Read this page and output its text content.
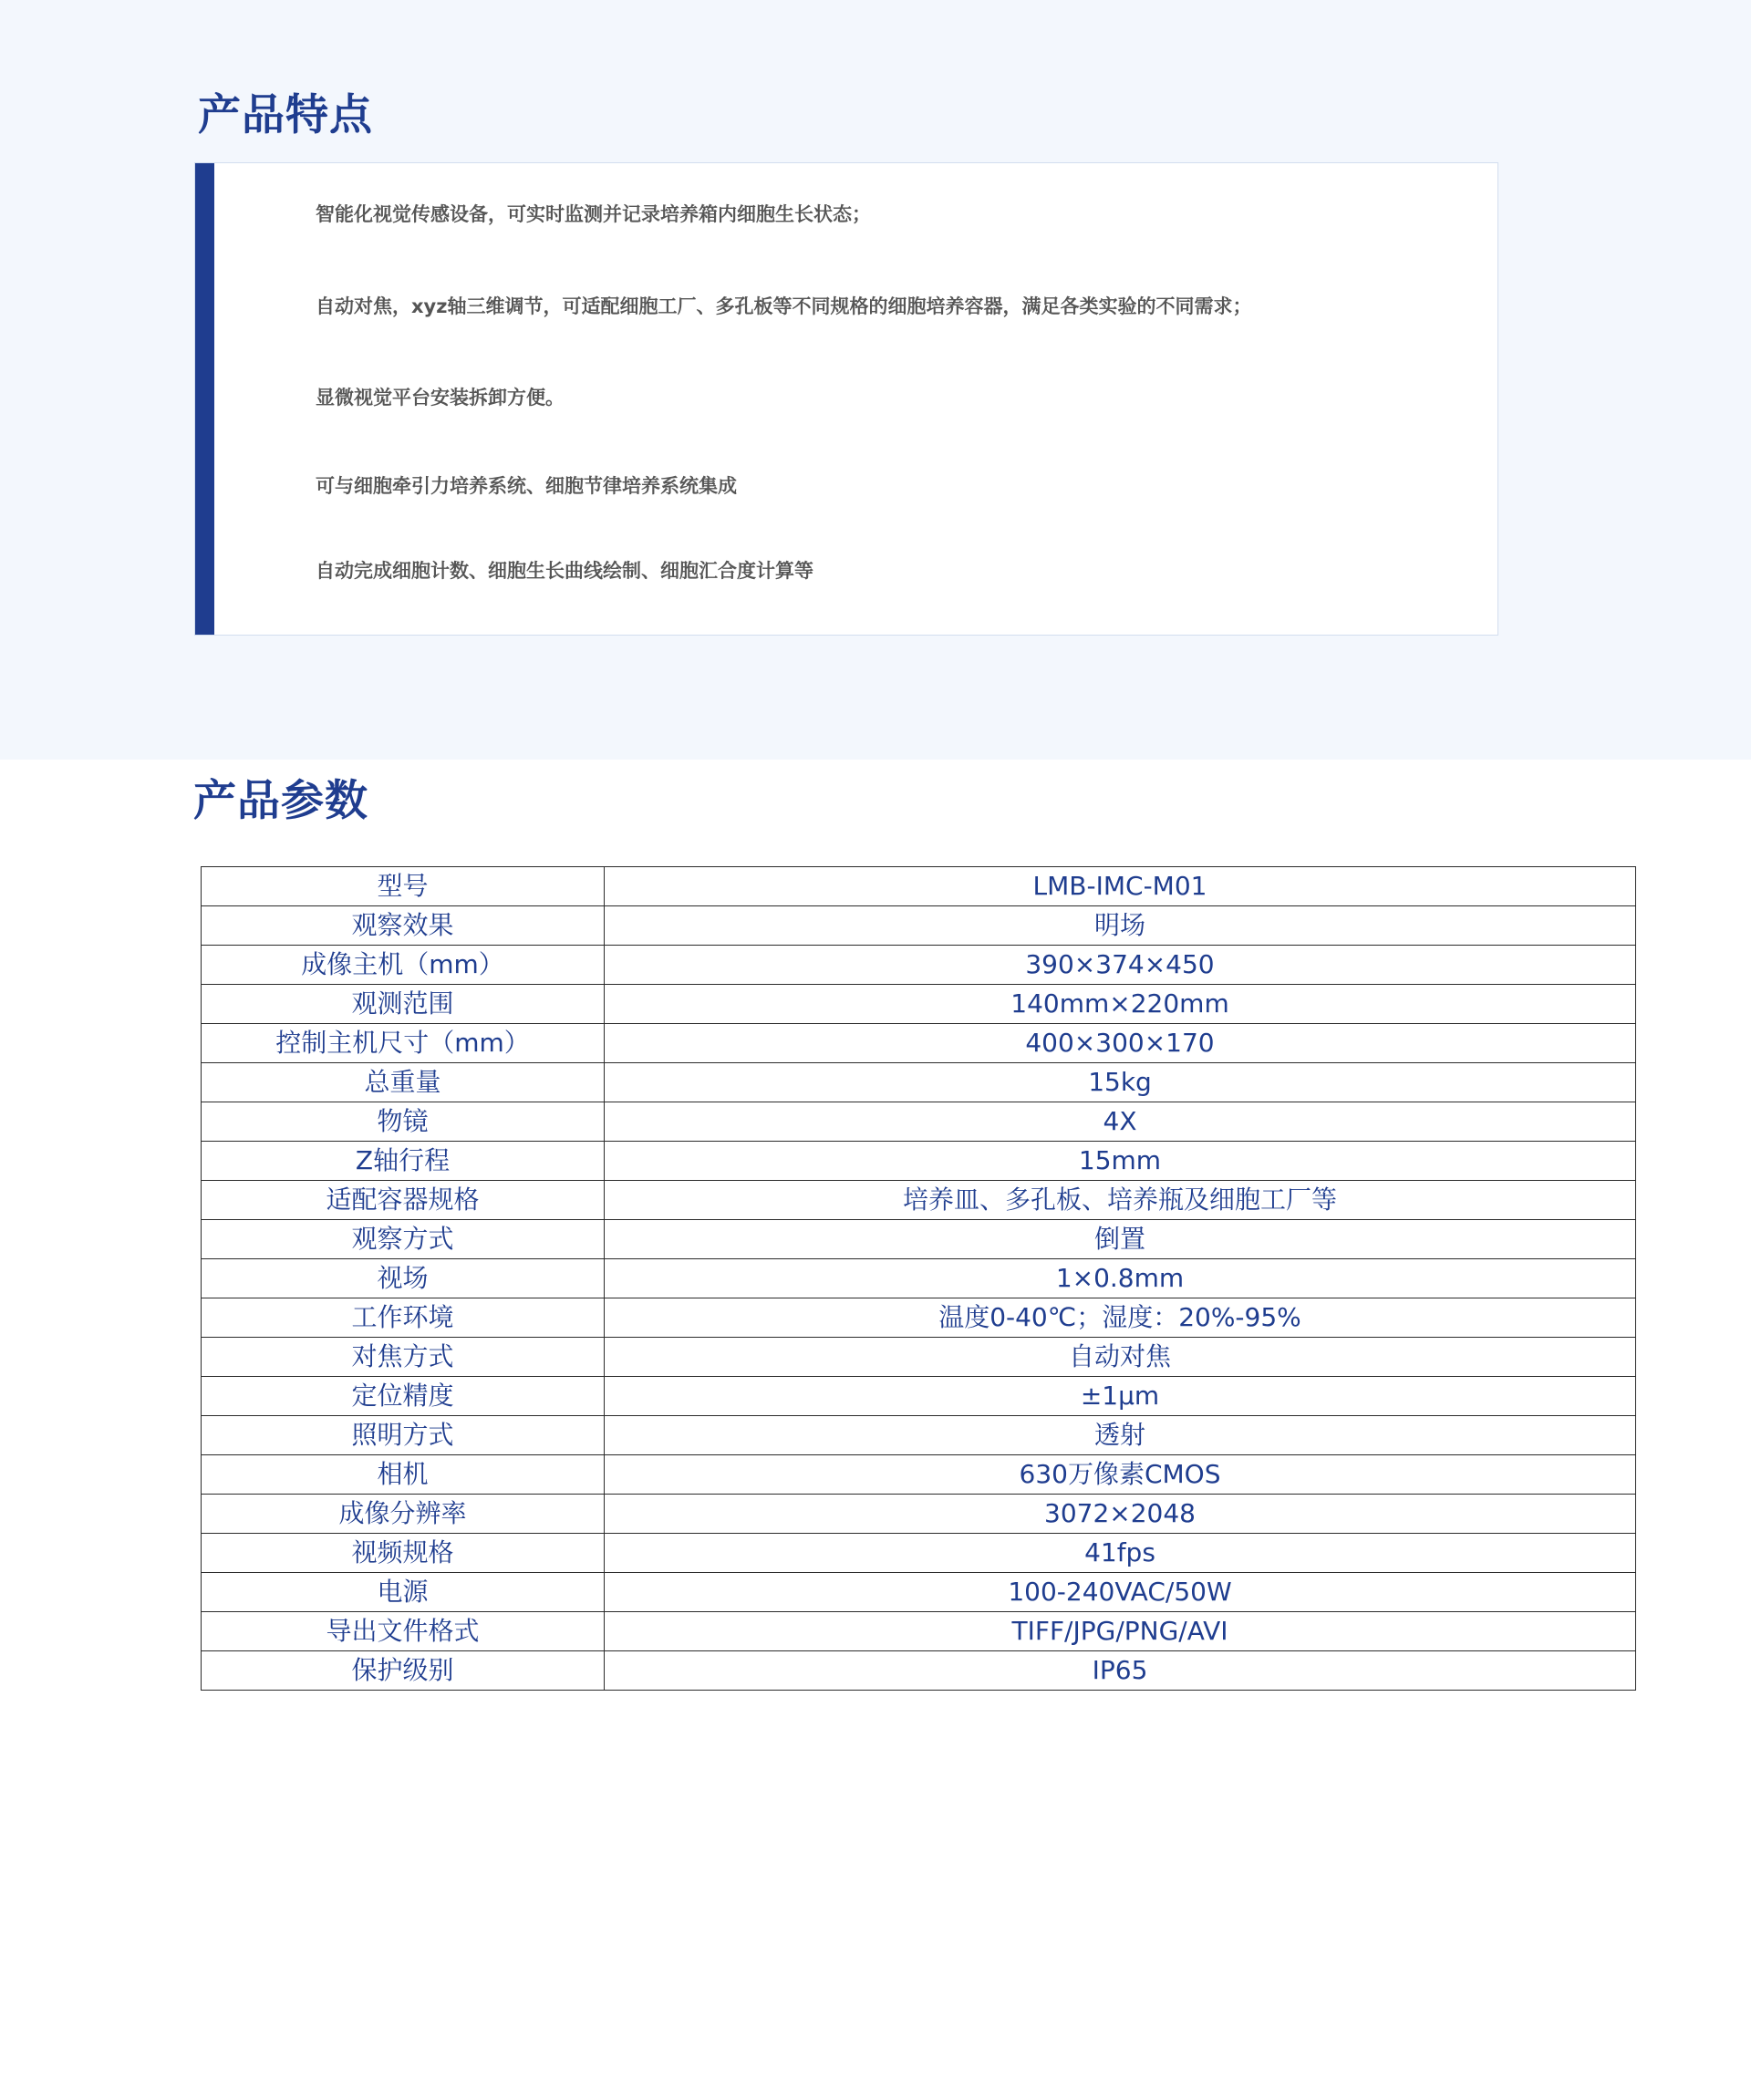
产品特点

智能化视觉传感设备，可实时监测并记录培养箱内细胞生长状态；

自动对焦，xyz轴三维调节，可适配细胞工厂、多孔板等不同规格的细胞培养容器，满足各类实验的不同需求；

显微视觉平台安装拆卸方便。

可与细胞牵引力培养系统、细胞节律培养系统集成

自动完成细胞计数、细胞生长曲线绘制、细胞汇合度计算等

产品参数
型号	LMB-IMC-M01
观察效果	明场
成像主机（mm）	390×374×450
观测范围	140mm×220mm
控制主机尺寸（mm）	400×300×170
总重量	15kg
物镜	4X
Z轴行程	15mm
适配容器规格	培养皿、多孔板、培养瓶及细胞工厂等
观察方式	倒置
视场	1×0.8mm
工作环境	温度0-40℃；湿度：20%-95%
对焦方式	自动对焦
定位精度	±1μm
照明方式	透射
相机	630万像素CMOS
成像分辨率	3072×2048
视频规格	41fps
电源	100-240VAC/50W
导出文件格式	TIFF/JPG/PNG/AVI
保护级别	IP65
